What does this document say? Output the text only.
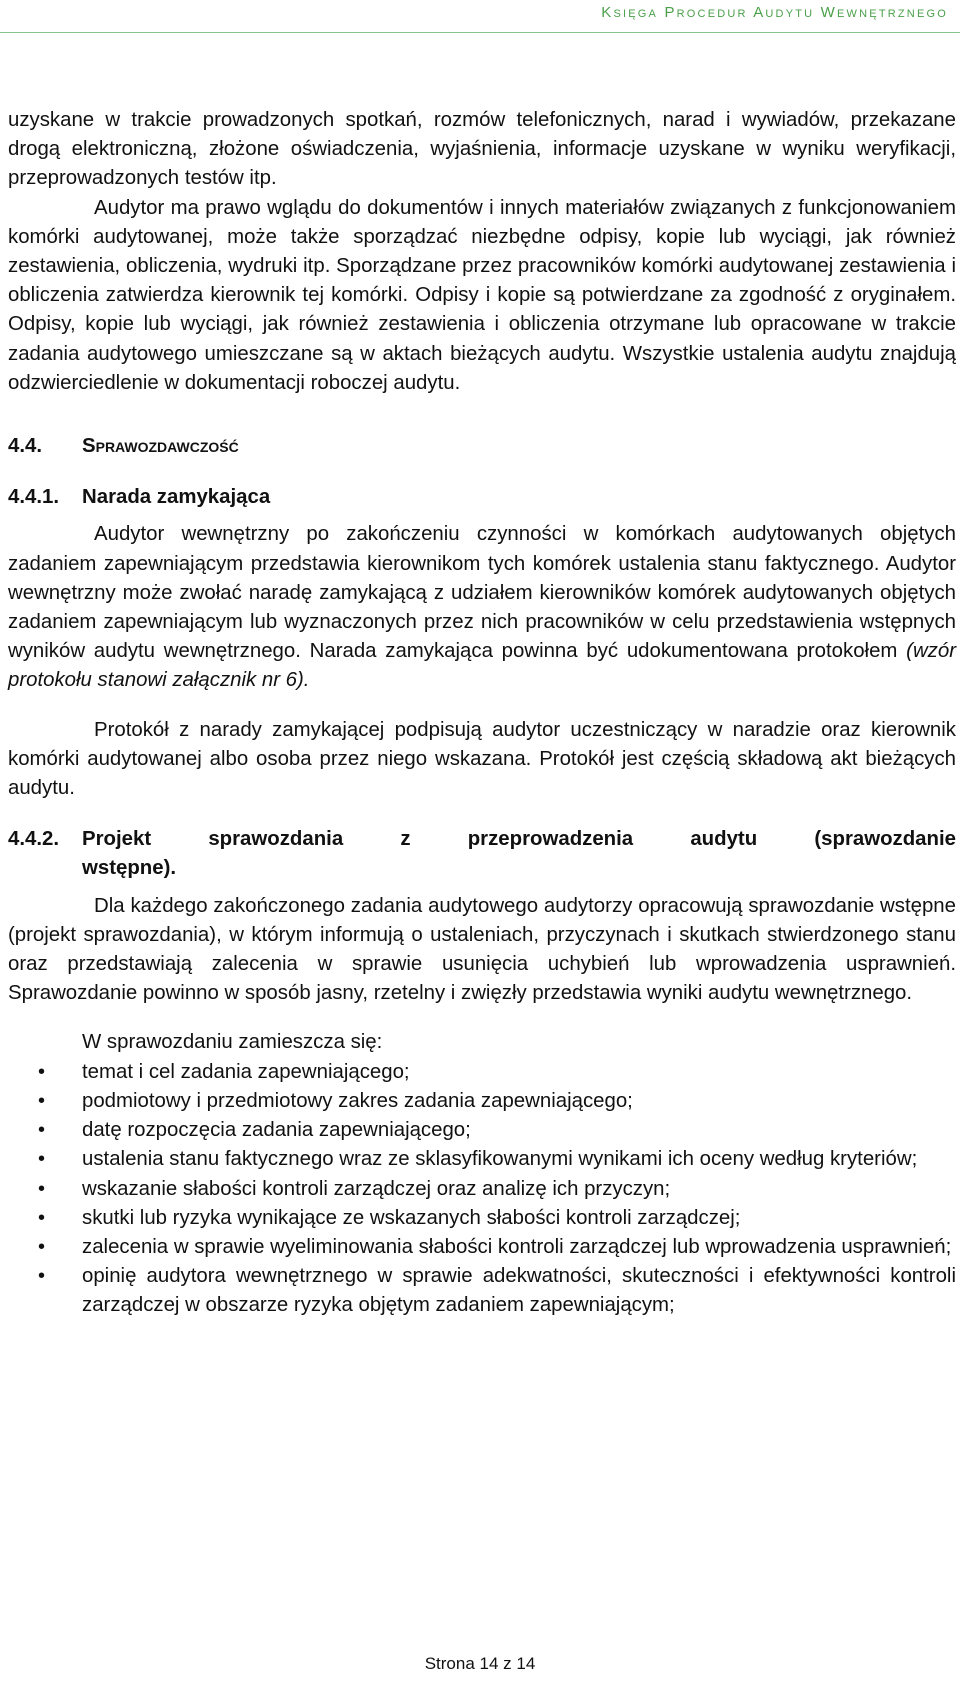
Księga Procedur Audytu Wewnętrznego

uzyskane w trakcie prowadzonych spotkań, rozmów telefonicznych, narad i wywiadów, przekazane drogą elektroniczną, złożone oświadczenia, wyjaśnienia, informacje uzyskane w wyniku weryfikacji, przeprowadzonych testów itp.

Audytor ma prawo wglądu do dokumentów i innych materiałów związanych z funkcjonowaniem komórki audytowanej, może także sporządzać niezbędne odpisy, kopie lub wyciągi, jak również zestawienia, obliczenia, wydruki itp. Sporządzane przez pracowników komórki audytowanej zestawienia i obliczenia zatwierdza kierownik tej komórki. Odpisy i kopie są potwierdzane za zgodność z oryginałem. Odpisy, kopie lub wyciągi, jak również zestawienia i obliczenia otrzymane lub opracowane w trakcie zadania audytowego umieszczane są w aktach bieżących audytu. Wszystkie ustalenia audytu znajdują odzwierciedlenie w dokumentacji roboczej audytu.

4.4.	Sprawozdawczość
4.4.1.	Narada zamykająca

Audytor wewnętrzny po zakończeniu czynności w komórkach audytowanych objętych zadaniem zapewniającym przedstawia kierownikom tych komórek ustalenia stanu faktycznego. Audytor wewnętrzny może zwołać naradę zamykającą z udziałem kierowników komórek audytowanych objętych zadaniem zapewniającym lub wyznaczonych przez nich pracowników w celu przedstawienia wstępnych wyników audytu wewnętrznego. Narada zamykająca powinna być udokumentowana protokołem (wzór protokołu stanowi załącznik nr 6).

Protokół z narady zamykającej podpisują audytor uczestniczący w naradzie oraz kierownik komórki audytowanej albo osoba przez niego wskazana. Protokół jest częścią składową akt bieżących audytu.

4.4.2.	Projekt sprawozdania z przeprowadzenia audytu (sprawozdanie
wstępne).

Dla każdego zakończonego zadania audytowego audytorzy opracowują sprawozdanie wstępne (projekt sprawozdania), w którym informują o ustaleniach, przyczynach i skutkach stwierdzonego stanu oraz przedstawiają zalecenia w sprawie usunięcia uchybień lub wprowadzenia usprawnień. Sprawozdanie powinno w sposób jasny, rzetelny i zwięzły przedstawia wyniki audytu wewnętrznego.

W sprawozdaniu zamieszcza się:

• temat i cel zadania zapewniającego;
• podmiotowy i przedmiotowy zakres zadania zapewniającego;
• datę rozpoczęcia zadania zapewniającego;
• ustalenia stanu faktycznego wraz ze sklasyfikowanymi wynikami ich oceny według kryteriów;
• wskazanie słabości kontroli zarządczej oraz analizę ich przyczyn;
• skutki lub ryzyka wynikające ze wskazanych słabości kontroli zarządczej;
• zalecenia w sprawie wyeliminowania słabości kontroli zarządczej lub wprowadzenia usprawnień;
• opinię audytora wewnętrznego w sprawie adekwatności, skuteczności i efektywności kontroli zarządczej w obszarze ryzyka objętym zadaniem zapewniającym;
Strona 14 z 14
